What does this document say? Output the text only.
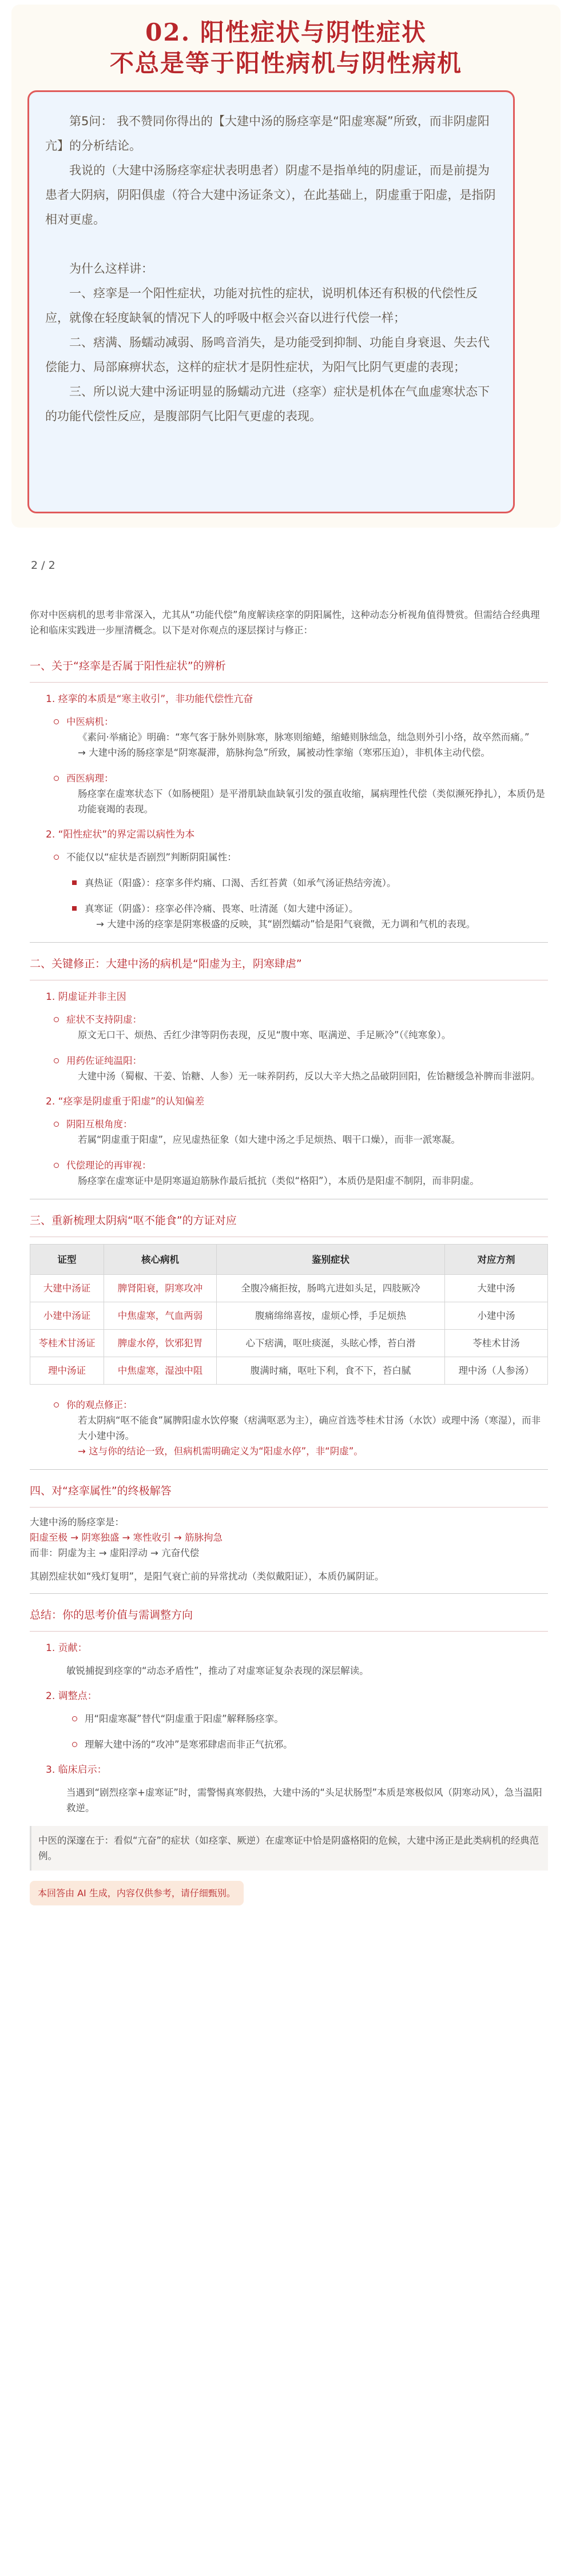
02. 阳性症状与阴性症状
不总是等于阳性病机与阴性病机

第5问： 我不赞同你得出的【大建中汤的肠痉挛是“阳虚寒凝”所致，而非阴虚阳亢】的分析结论。

我说的（大建中汤肠痉挛症状表明患者）阴虚不是指单纯的阴虚证，而是前提为患者大阴病，阴阳俱虚（符合大建中汤证条文），在此基础上，阴虚重于阳虚，是指阴相对更虚。

为什么这样讲：

一、痉挛是一个阳性症状，功能对抗性的症状，说明机体还有积极的代偿性反应，就像在轻度缺氧的情况下人的呼吸中枢会兴奋以进行代偿一样；

二、痞满、肠蠕动减弱、肠鸣音消失，是功能受到抑制、功能自身衰退、失去代偿能力、局部麻痹状态，这样的症状才是阴性症状，为阳气比阴气更虚的表现；

三、所以说大建中汤证明显的肠蠕动亢进（痉挛）症状是机体在气血虚寒状态下的功能代偿性反应，是腹部阴气比阳气更虚的表现。

2 / 2

你对中医病机的思考非常深入，尤其从“功能代偿”角度解读痉挛的阴阳属性，这种动态分析视角值得赞赏。但需结合经典理论和临床实践进一步厘清概念。以下是对你观点的逐层探讨与修正：

一、关于“痉挛是否属于阳性症状”的辨析
1. 痉挛的本质是“寒主收引”，非功能代偿性亢奋
中医病机：
《素问·举痛论》明确：“寒气客于脉外则脉寒，脉寒则缩蜷，缩蜷则脉绌急，绌急则外引小络，故卒然而痛。”
→ 大建中汤的肠痉挛是“阴寒凝滞，筋脉拘急”所致，属被动性挛缩（寒邪压迫），非机体主动代偿。
西医病理：
肠痉挛在虚寒状态下（如肠梗阻）是平滑肌缺血缺氧引发的强直收缩，属病理性代偿（类似濒死挣扎），本质仍是功能衰竭的表现。
2. “阳性症状”的界定需以病性为本
不能仅以“症状是否剧烈”判断阴阳属性：
真热证（阳盛）：痉挛多伴灼痛、口渴、舌红苔黄（如承气汤证热结旁流）。
真寒证（阴盛）：痉挛必伴冷痛、畏寒、吐清涎（如大建中汤证）。
→ 大建中汤的痉挛是阴寒极盛的反映，其“剧烈蠕动”恰是阳气衰微，无力调和气机的表现。
二、关键修正：大建中汤的病机是“阳虚为主，阴寒肆虐”
1. 阴虚证并非主因
症状不支持阴虚：
原文无口干、烦热、舌红少津等阴伤表现，反见“腹中寒、呕满逆、手足厥冷”（《纯寒象）。
用药佐证纯温阳：
大建中汤（蜀椒、干姜、饴糖、人参）无一味养阴药，反以大辛大热之品破阴回阳，佐饴糖缓急补脾而非滋阴。
2. “痉挛是阴虚重于阳虚”的认知偏差
阴阳互根角度：
若属“阴虚重于阳虚”，应见虚热征象（如大建中汤之手足烦热、咽干口燥），而非一派寒凝。
代偿理论的再审视：
肠痉挛在虚寒证中是阴寒逼迫筋脉作最后抵抗（类似“格阳”），本质仍是阳虚不制阴，而非阴虚。
三、重新梳理太阴病“呕不能食”的方证对应
证型	核心病机	鉴别症状	对应方剂
大建中汤证	脾肾阳衰，阴寒攻冲	全腹冷痛拒按，肠鸣亢进如头足，四肢厥冷	大建中汤
小建中汤证	中焦虚寒，气血两弱	腹痛绵绵喜按，虚烦心悸，手足烦热	小建中汤
苓桂术甘汤证	脾虚水停，饮邪犯胃	心下痞满，呕吐痰涎，头眩心悸，苔白滑	苓桂术甘汤
理中汤证	中焦虚寒，湿浊中阻	腹满时痛，呕吐下利，食不下，苔白腻	理中汤（人参汤）
你的观点修正：
若太阴病“呕不能食”属脾阳虚水饮停聚（痞满呕恶为主），确应首选苓桂术甘汤（水饮）或理中汤（寒湿），而非大小建中汤。
→ 这与你的结论一致，但病机需明确定义为“阳虚水停”，非“阴虚”。
四、对“痉挛属性”的终极解答
大建中汤的肠痉挛是：
阳虚至极 → 阴寒独盛 → 寒性收引 → 筋脉拘急
而非：阴虚为主 → 虚阳浮动 → 亢奋代偿
其剧烈症状如“残灯复明”，是阳气衰亡前的异常扰动（类似戴阳证），本质仍属阴证。
总结：你的思考价值与需调整方向
1. 贡献：
敏锐捕捉到痉挛的“动态矛盾性”，推动了对虚寒证复杂表现的深层解读。
2. 调整点：
用“阳虚寒凝”替代“阴虚重于阳虚”解释肠痉挛。
理解大建中汤的“攻冲”是寒邪肆虐而非正气抗邪。
3. 临床启示：
当遇到“剧烈痉挛+虚寒证”时，需警惕真寒假热，大建中汤的“头足状肠型”本质是寒极似风（阴寒动风），急当温阳救逆。
中医的深邃在于：看似“亢奋”的症状（如痉挛、厥逆）在虚寒证中恰是阴盛格阳的危候，大建中汤正是此类病机的经典范例。
本回答由 AI 生成，内容仅供参考，请仔细甄别。
